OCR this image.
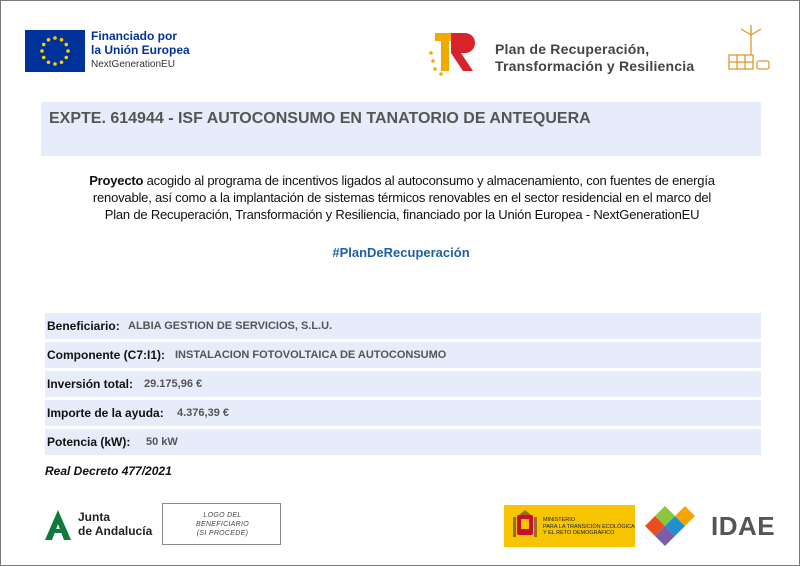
Financiado por
la Unión Europea
NextGenerationEU
Plan de Recuperación,
Transformación y Resiliencia
EXPTE. 614944 - ISF AUTOCONSUMO EN TANATORIO DE ANTEQUERA
Proyecto acogido al programa de incentivos ligados al autoconsumo y almacenamiento, con fuentes de energía
renovable, así como a la implantación de sistemas térmicos renovables en el sector residencial en el marco del
Plan de Recuperación, Transformación y Resiliencia, financiado por la Unión Europea - NextGenerationEU
#PlanDeRecuperación
Beneficiario: ALBIA GESTION DE SERVICIOS, S.L.U.
Componente (C7:I1): INSTALACION FOTOVOLTAICA DE AUTOCONSUMO
Inversión total: 29.175,96 €
Importe de la ayuda: 4.376,39 €
Potencia (kW): 50 kW
Real Decreto 477/2021
Junta
de Andalucía
LOGO DEL
BENEFICIARIO
(SI PROCEDE)
MINISTERIO
PARA LA TRANSICIÓN ECOLÓGICA
Y EL RETO DEMOGRÁFICO	IDAE
